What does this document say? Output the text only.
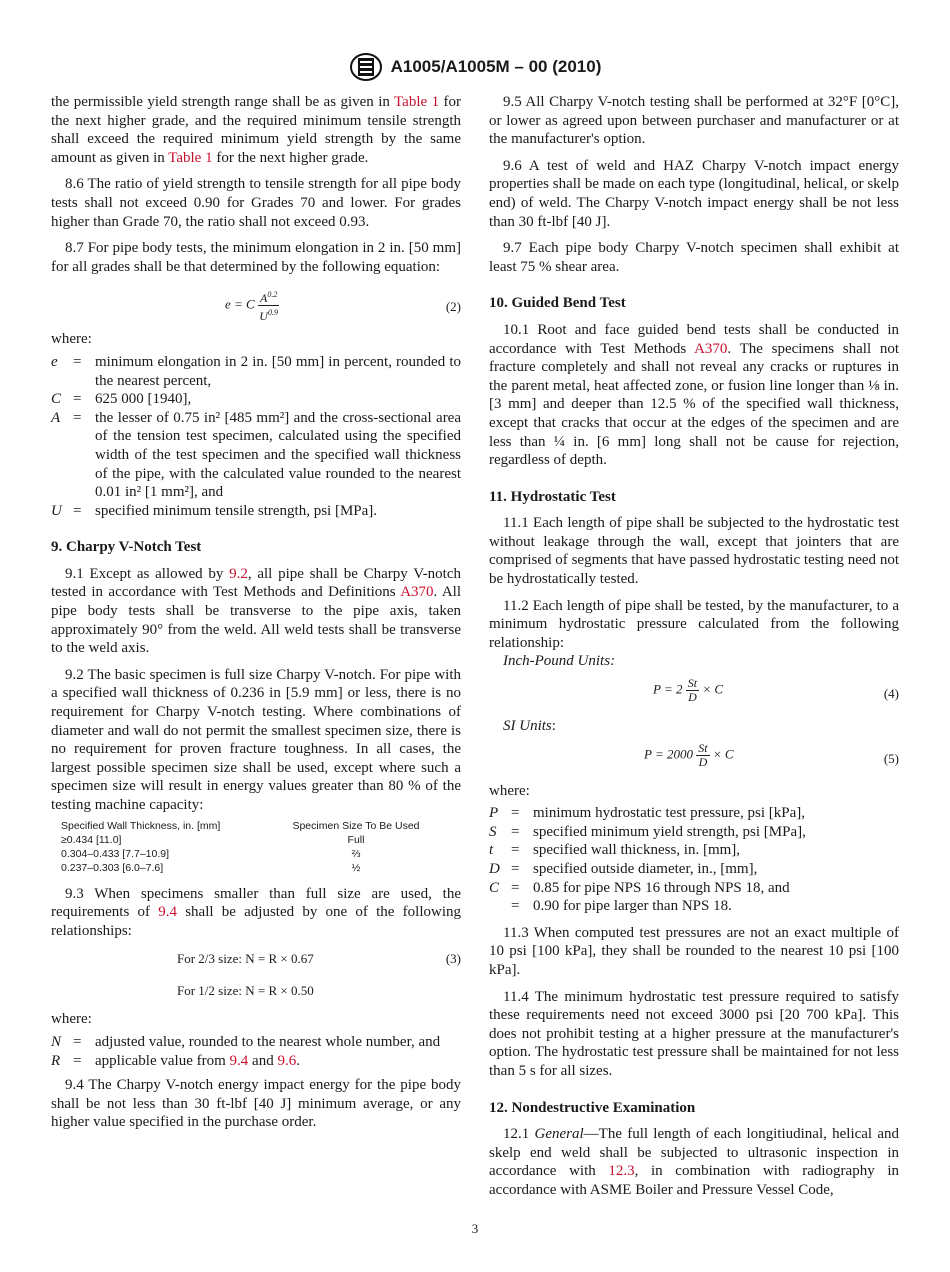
A1005/A1005M – 00 (2010)

the permissible yield strength range shall be as given in Table 1 for the next higher grade, and the required minimum tensile strength shall exceed the required minimum yield strength by the same amount as given in Table 1 for the next higher grade.

8.6 The ratio of yield strength to tensile strength for all pipe body tests shall not exceed 0.90 for Grades 70 and lower. For grades higher than Grade 70, the ratio shall not exceed 0.93.

8.7 For pipe body tests, the minimum elongation in 2 in. [50 mm] for all grades shall be that determined by the following equation:

e = C $\frac{A^{0.2}}{U^{0.9}}$	(2)

where:

e	= minimum elongation in 2 in. [50 mm] in percent, rounded to the nearest percent,
C = 625 000 [1940],
A = the lesser of 0.75 in² [485 mm²] and the cross-sectional area of the tension test specimen, calculated using the specified width of the test specimen and the specified wall thickness of the pipe, with the calculated value rounded to the nearest 0.01 in² [1 mm²], and
U = specified minimum tensile strength, psi [MPa].
9. Charpy V-Notch Test

9.1 Except as allowed by 9.2, all pipe shall be Charpy V-notch tested in accordance with Test Methods and Definitions A370. All pipe body tests shall be transverse to the pipe axis, taken approximately 90° from the weld. All weld tests shall be transverse to the weld axis.

9.2 The basic specimen is full size Charpy V-notch. For pipe with a specified wall thickness of 0.236 in [5.9 mm] or less, there is no requirement for Charpy V-notch testing. Where combinations of diameter and wall do not permit the smallest specimen size, there is no requirement for proven fracture toughness. In all cases, the largest possible specimen size shall be used, except where such a specimen size will result in energy values greater than 80 % of the testing machine capacity:

Specified Wall Thickness, in. [mm]	Specimen Size To Be Used
≥0.434 [11.0]	Full
0.304–0.433 [7.7–10.9]	⅔
0.237–0.303 [6.0–7.6]	½

9.3 When specimens smaller than full size are used, the requirements of 9.4 shall be adjusted by one of the following relationships:

For 2/3 size: N = R × 0.67
For 1/2 size: N = R × 0.50
(3)

where:

N = adjusted value, rounded to the nearest whole number, and
R = applicable value from 9.4 and 9.6.

9.4 The Charpy V-notch energy impact energy for the pipe body shall be not less than 30 ft-lbf [40 J] minimum average, or any higher value specified in the purchase order.

9.5 All Charpy V-notch testing shall be performed at 32°F [0°C], or lower as agreed upon between purchaser and manufacturer or at the manufacturer's option.

9.6 A test of weld and HAZ Charpy V-notch impact energy properties shall be made on each type (longitudinal, helical, or skelp end) of weld. The Charpy V-notch impact energy shall be not less than 30 ft-lbf [40 J].

9.7 Each pipe body Charpy V-notch specimen shall exhibit at least 75 % shear area.

10. Guided Bend Test

10.1 Root and face guided bend tests shall be conducted in accordance with Test Methods A370. The specimens shall not fracture completely and shall not reveal any cracks or ruptures in the parent metal, heat affected zone, or fusion line longer than ⅛ in. [3 mm] and deeper than 12.5 % of the specified wall thickness, except that cracks that occur at the edges of the specimen and are less than ¼ in. [6 mm] long shall not be cause for rejection, regardless of depth.

11. Hydrostatic Test

11.1 Each length of pipe shall be subjected to the hydrostatic test without leakage through the wall, except that jointers that are comprised of segments that have passed hydrostatic testing need not be hydrostatically tested.

11.2 Each length of pipe shall be tested, by the manufacturer, to a minimum hydrostatic pressure calculated from the following relationship:

Inch-Pound Units:

$P = 2 \frac{St}{D} \times C$	(4)

SI Units:

$P = 2000 \frac{St}{D} \times C$	(5)

where:

P = minimum hydrostatic test pressure, psi [kPa],
S = specified minimum yield strength, psi [MPa],
t	= specified wall thickness, in. [mm],
D = specified outside diameter, in., [mm],
C = 0.85 for pipe NPS 16 through NPS 18, and
= 0.90 for pipe larger than NPS 18.

11.3 When computed test pressures are not an exact multiple of 10 psi [100 kPa], they shall be rounded to the nearest 10 psi [100 kPa].

11.4 The minimum hydrostatic test pressure required to satisfy these requirements need not exceed 3000 psi [20 700 kPa]. This does not prohibit testing at a higher pressure at the manufacturer's option. The hydrostatic test pressure shall be maintained for not less than 5 s for all sizes.

12. Nondestructive Examination

12.1 General—The full length of each longitiudinal, helical and skelp end weld shall be subjected to ultrasonic inspection in accordance with 12.3, in combination with radiography in accordance with ASME Boiler and Pressure Vessel Code,

3
